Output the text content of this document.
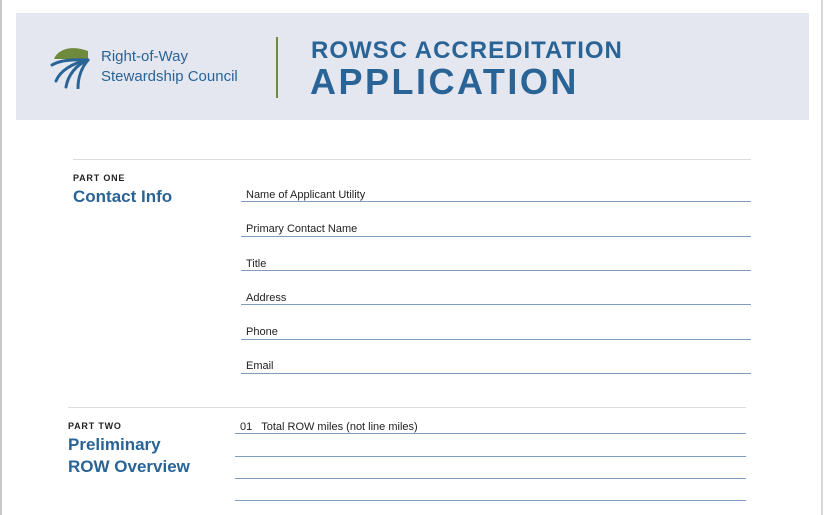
Right-of-Way
Stewardship Council
ROWSC ACCREDITATION
APPLICATION
PART ONE
Contact Info	Name of Applicant Utility
Primary Contact Name
Title
Address
Phone
Email
PART TWO
Preliminary
ROW Overview
01   Total ROW miles (not line miles)
